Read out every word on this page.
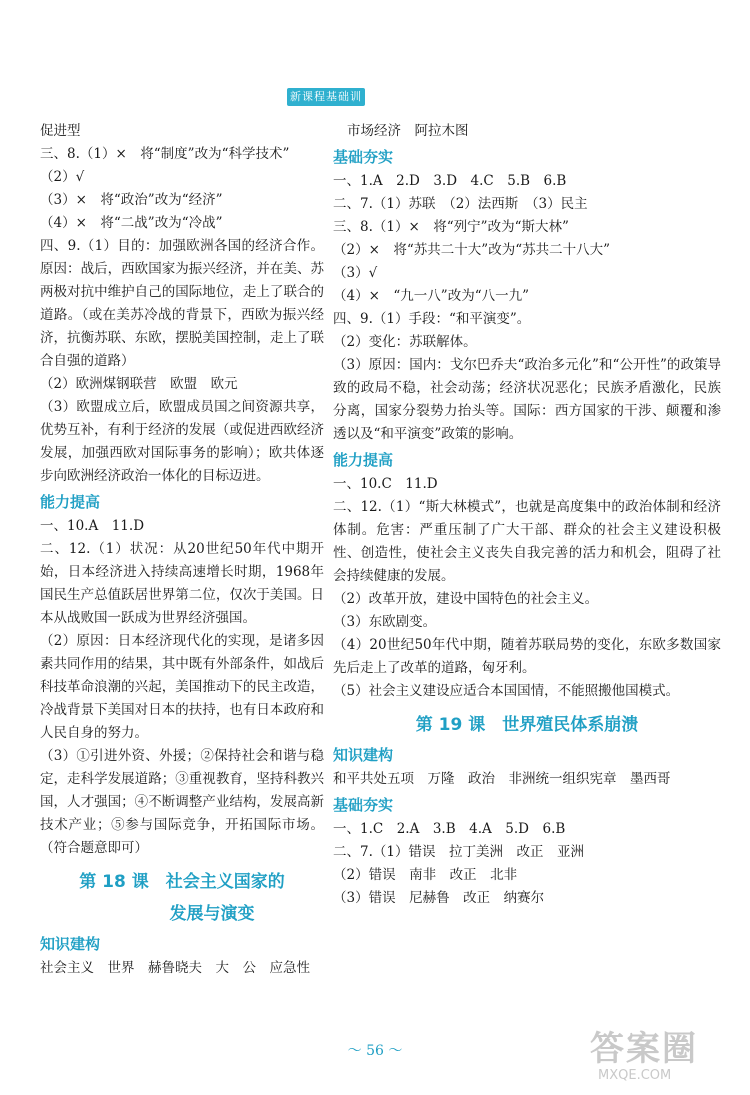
新课程基础训练
促进型
三、8.（1）×　将“制度”改为“科学技术”
（2）√
（3）×　将“政治”改为“经济”
（4）×　将“二战”改为“冷战”
四、9.（1）目的：加强欧洲各国的经济合作。原因：战后，西欧国家为振兴经济，并在美、苏两极对抗中维护自己的国际地位，走上了联合的道路。（或在美苏冷战的背景下，西欧为振兴经济，抗衡苏联、东欧，摆脱美国控制，走上了联合自强的道路）
（2）欧洲煤钢联营　欧盟　欧元
（3）欧盟成立后，欧盟成员国之间资源共享，优势互补，有利于经济的发展（或促进西欧经济发展，加强西欧对国际事务的影响）；欧共体逐步向欧洲经济政治一体化的目标迈进。
能力提高
一、10.A　11.D
二、12.（1）状况：从20世纪50年代中期开始，日本经济进入持续高速增长时期，1968年国民生产总值跃居世界第二位，仅次于美国。日本从战败国一跃成为世界经济强国。
（2）原因：日本经济现代化的实现，是诸多因素共同作用的结果，其中既有外部条件，如战后科技革命浪潮的兴起，美国推动下的民主改造，冷战背景下美国对日本的扶持，也有日本政府和人民自身的努力。
（3）①引进外资、外援；②保持社会和谐与稳定，走科学发展道路；③重视教育，坚持科教兴国，人才强国；④不断调整产业结构，发展高新技术产业；⑤参与国际竞争，开拓国际市场。（符合题意即可）
第 18 课　社会主义国家的
发展与演变
知识建构
社会主义　世界　赫鲁晓夫　大　公　应急性
市场经济　阿拉木图
基础夯实
一、1.A　2.D　3.D　4.C　5.B　6.B
二、7.（1）苏联　（2）法西斯　（3）民主
三、8.（1）×　将“列宁”改为“斯大林”
（2）×　将“苏共二十大”改为“苏共二十八大”
（3）√
（4）×　“九一八”改为“八一九”
四、9.（1）手段：“和平演变”。
（2）变化：苏联解体。
（3）原因：国内：戈尔巴乔夫“政治多元化”和“公开性”的政策导致的政局不稳，社会动荡；经济状况恶化；民族矛盾激化，民族分离，国家分裂势力抬头等。国际：西方国家的干涉、颠覆和渗透以及“和平演变”政策的影响。
能力提高
一、10.C　11.D
二、12.（1）“斯大林模式”，也就是高度集中的政治体制和经济体制。危害：严重压制了广大干部、群众的社会主义建设积极性、创造性，使社会主义丧失自我完善的活力和机会，阻碍了社会持续健康的发展。
（2）改革开放，建设中国特色的社会主义。
（3）东欧剧变。
（4）20世纪50年代中期，随着苏联局势的变化，东欧多数国家先后走上了改革的道路，匈牙利。
（5）社会主义建设应适合本国国情，不能照搬他国模式。
第 19 课　世界殖民体系崩溃
知识建构
和平共处五项　万隆　政治　非洲统一组织宪章　墨西哥
基础夯实
一、1.C　2.A　3.B　4.A　5.D　6.B
二、7.（1）错误　拉丁美洲　改正　亚洲
（2）错误　南非　改正　北非
（3）错误　尼赫鲁　改正　纳赛尔
～ 56 ～	答案圈
MXQE.COM
